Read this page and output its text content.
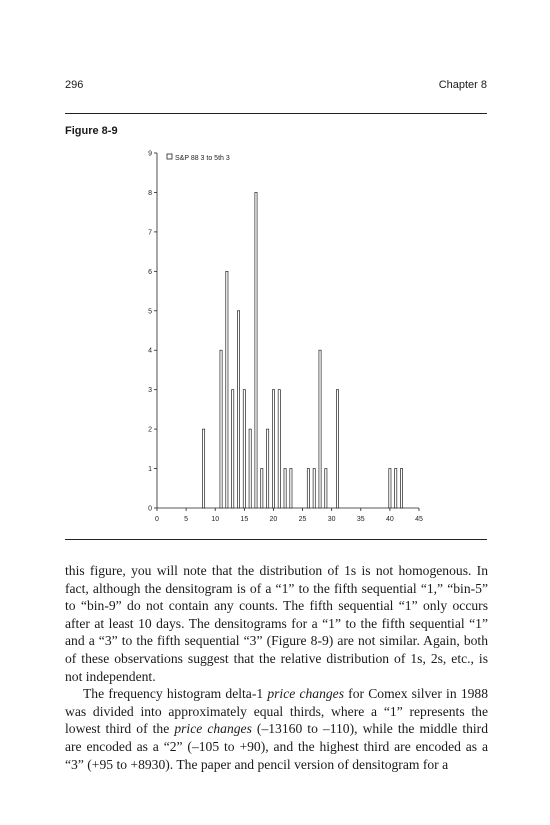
296	Chapter 8
Figure 8-9
0
1
2
3
4
5
6
7
8
9
0	5	10	15	20	25	30	35	40	45
S&P 88 3 to 5th 3

this figure, you will note that the distribution of 1s is not homogenous. In fact, although the densitogram is of a “1” to the fifth sequential “1,” “bin-5” to “bin-9” do not contain any counts. The fifth sequential “1” only occurs after at least 10 days. The densitograms for a “1” to the fifth sequential “1” and a “3” to the fifth sequential “3” (Figure 8-9) are not similar. Again, both of these observations suggest that the relative distribution of 1s, 2s, etc., is not independent.

The frequency histogram delta-1 price changes for Comex silver in 1988 was divided into approximately equal thirds, where a “1” represents the lowest third of the price changes (–13160 to –110), while the middle third are encoded as a “2” (–105 to +90), and the highest third are encoded as a “3” (+95 to +8930). The paper and pencil version of densitogram for a
